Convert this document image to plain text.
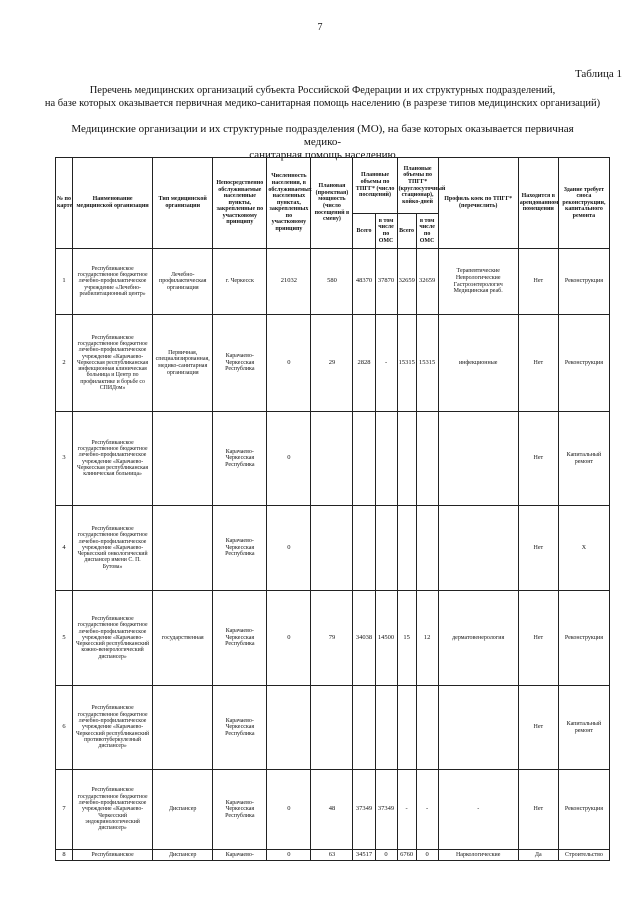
7
Таблица 1
Перечень медицинских организаций субъекта Российской Федерации и их структурных подразделений,
на базе которых оказывается первичная медико-санитарная помощь населению (в разрезе типов медицинских организаций)
Медицинские организации и их структурные подразделения (МО), на базе которых оказывается первичная медико-
санитарная помощь населению
№ по карте	Наименование медицинской организации	Тип медицинской организации	Непосредственно обслуживаемые населенные пункты, закрепленные по участковому принципу	Численность населения, в обслуживаемых населенных пунктах, закрепленных по участковому принципу	Плановая (проектная) мощность (число посещений в смену)	Плановые объемы по ТПГГ* (число посещений)		Плановые объемы по ТПГГ* (круглосуточный стационар), койко-дней		Профиль коек по ТПГГ* (перечислить)	Находится в арендованном помещении	Здание требует сноса реконструкции, капитального ремонта
						Всего	в том числе по ОМС	Всего	в том числе по ОМС			
1	Республиканское государственное бюджетное лечебно-профилактическое учреждение «Лечебно-реабилитационный центр»	Лечебно-профилактическая организация	г. Черкесск	21032	580	48370	37870	32659	32659	Терапевтические Неврологические Гастроэнтерологич Медицинская реаб.	Нет	Реконструкция
2	Республиканское государственное бюджетное лечебно-профилактическое учреждение «Карачаево-Черкесская республиканская инфекционная клиническая больница и Центр по профилактике и борьбе со СПИДом»	Первичная, специализированная, медико-санитарная организация	Карачаево-Черкесская Республика	0	29	2828	-	15315	15315	инфекционные	Нет	Реконструкция
3	Республиканское государственное бюджетное лечебно-профилактическое учреждение «Карачаево-Черкесская республиканская клиническая больница»		Карачаево-Черкесская Республика	0							Нет	Капитальный ремонт
4	Республиканское государственное бюджетное лечебно-профилактическое учреждение «Карачаево-Черкесский онкологический диспансер имени С. П. Бутова»		Карачаево-Черкесская Республика	0							Нет	Х
5	Республиканское государственное бюджетное лечебно-профилактическое учреждение «Карачаево-Черкесский республиканский кожно-венерологический диспансер»	государственная	Карачаево-Черкесская Республика	0	79	34038	14500	15	12	дерматовенерология	Нет	Реконструкция
6	Республиканское государственное бюджетное лечебно-профилактическое учреждение «Карачаево-Черкесский республиканский противотуберкулезный диспансер»		Карачаево-Черкесская Республика								Нет	Капитальный ремонт
7	Республиканское государственное бюджетное лечебно-профилактическое учреждение «Карачаево-Черкесский эндокринологический диспансер»	Диспансер	Карачаево-Черкесская Республика	0	48	37349	37349	-	-	-	Нет	Реконструкция
8	Республиканское	Диспансер	Карачаево-	0	63	34517	0	6760	0	Наркологические	Да	Строительство
